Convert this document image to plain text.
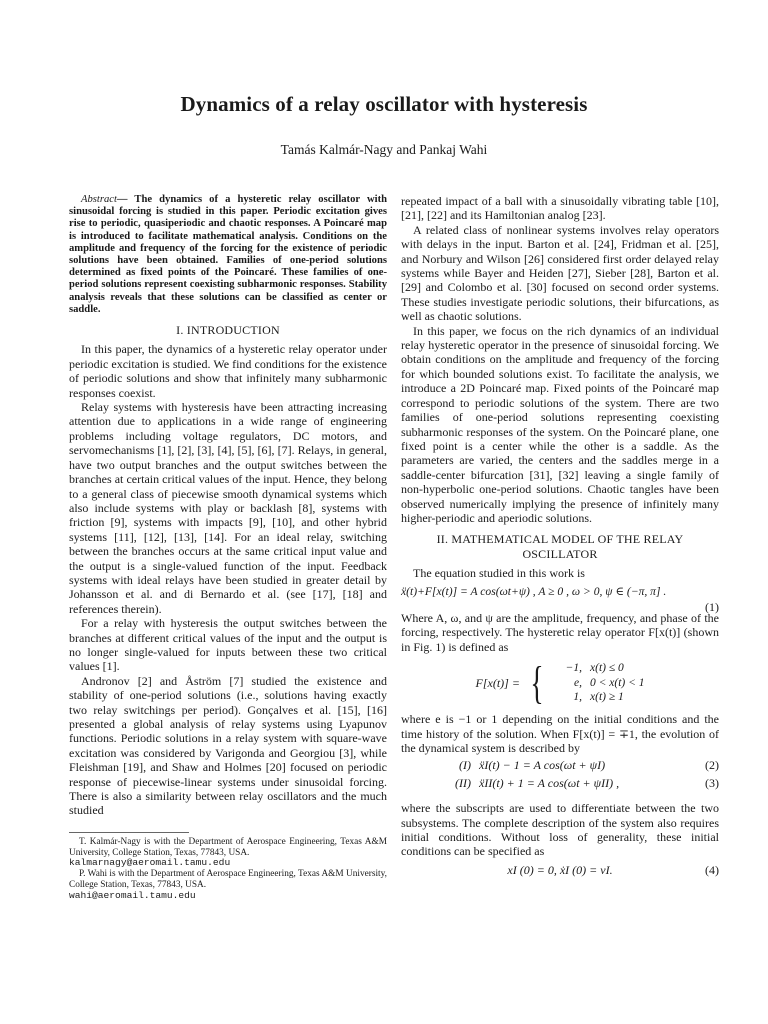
Dynamics of a relay oscillator with hysteresis
Tamás Kalmár-Nagy and Pankaj Wahi

Abstract— The dynamics of a hysteretic relay oscillator with sinusoidal forcing is studied in this paper. Periodic excitation gives rise to periodic, quasiperiodic and chaotic responses. A Poincaré map is introduced to facilitate mathematical analysis. Conditions on the amplitude and frequency of the forcing for the existence of periodic solutions have been obtained. Families of one-period solutions determined as fixed points of the Poincaré. These families of one-period solutions represent coexisting subharmonic responses. Stability analysis reveals that these solutions can be classified as center or saddle.

I. INTRODUCTION

In this paper, the dynamics of a hysteretic relay operator under periodic excitation is studied. We find conditions for the existence of periodic solutions and show that infinitely many subharmonic responses coexist.

Relay systems with hysteresis have been attracting increasing attention due to applications in a wide range of engineering problems including voltage regulators, DC motors, and servomechanisms [1], [2], [3], [4], [5], [6], [7]. Relays, in general, have two output branches and the output switches between the branches at certain critical values of the input. Hence, they belong to a general class of piecewise smooth dynamical systems which also include systems with play or backlash [8], systems with friction [9], systems with impacts [9], [10], and other hybrid systems [11], [12], [13], [14]. For an ideal relay, switching between the branches occurs at the same critical input value and the output is a single-valued function of the input. Feedback systems with ideal relays have been studied in greater detail by Johansson et al. and di Bernardo et al. (see [17], [18] and references therein).

For a relay with hysteresis the output switches between the branches at different critical values of the input and the output is no longer single-valued for inputs between these two critical values [1].

Andronov [2] and Åström [7] studied the existence and stability of one-period solutions (i.e., solutions having exactly two relay switchings per period). Gonçalves et al. [15], [16] presented a global analysis of relay systems using Lyapunov functions. Periodic solutions in a relay system with square-wave excitation was considered by Varigonda and Georgiou [3], while Fleishman [19], and Shaw and Holmes [20] focused on periodic response of piecewise-linear systems under sinusoidal forcing. There is also a similarity between relay oscillators and the much studied

T. Kalmár-Nagy is with the Department of Aerospace Engineering, Texas A&M University, College Station, Texas, 77843, USA.

kalmarnagy@aeromail.tamu.edu

P. Wahi is with the Department of Aerospace Engineering, Texas A&M University, College Station, Texas, 77843, USA.

wahi@aeromail.tamu.edu

repeated impact of a ball with a sinusoidally vibrating table [10], [21], [22] and its Hamiltonian analog [23].

A related class of nonlinear systems involves relay operators with delays in the input. Barton et al. [24], Fridman et al. [25], and Norbury and Wilson [26] considered first order delayed relay systems while Bayer and Heiden [27], Sieber [28], Barton et al. [29] and Colombo et al. [30] focused on second order systems. These studies investigate periodic solutions, their bifurcations, as well as chaotic solutions.

In this paper, we focus on the rich dynamics of an individual relay hysteretic operator in the presence of sinusoidal forcing. We obtain conditions on the amplitude and frequency of the forcing for which bounded solutions exist. To facilitate the analysis, we introduce a 2D Poincaré map. Fixed points of the Poincaré map correspond to periodic solutions of the system. There are two families of one-period solutions representing coexisting subharmonic responses of the system. On the Poincaré plane, one fixed point is a center while the other is a saddle. As the parameters are varied, the centers and the saddles merge in a saddle-center bifurcation [31], [32] leaving a single family of non-hyperbolic one-period solutions. Chaotic tangles have been observed numerically implying the presence of infinitely many higher-periodic and aperiodic solutions.

II. MATHEMATICAL MODEL OF THE RELAY
OSCILLATOR

The equation studied in this work is

ẍ(t)+F[x(t)] = A cos(ωt+ψ) , A ≥ 0 , ω > 0, ψ ∈ (−π, π] .
(1)

Where A, ω, and ψ are the amplitude, frequency, and phase of the forcing, respectively. The hysteretic relay operator F[x(t)] (shown in Fig. 1) is defined as

F[x(t)] = {	−1, x(t) ≤ 0
e, 0 < x(t) < 1
1, x(t) ≥ 1

where e is −1 or 1 depending on the initial conditions and the time history of the solution. When F[x(t)] = ∓1, the evolution of the dynamical system is described by

(I) ẍI(t) − 1 = A cos(ωt + ψI)	(2)
(II) ẍII(t) + 1 = A cos(ωt + ψII) ,	(3)

where the subscripts are used to differentiate between the two subsystems. The complete description of the system also requires initial conditions. Without loss of generality, these initial conditions can be specified as

xI (0) = 0, ẋI (0) = vI.	(4)
